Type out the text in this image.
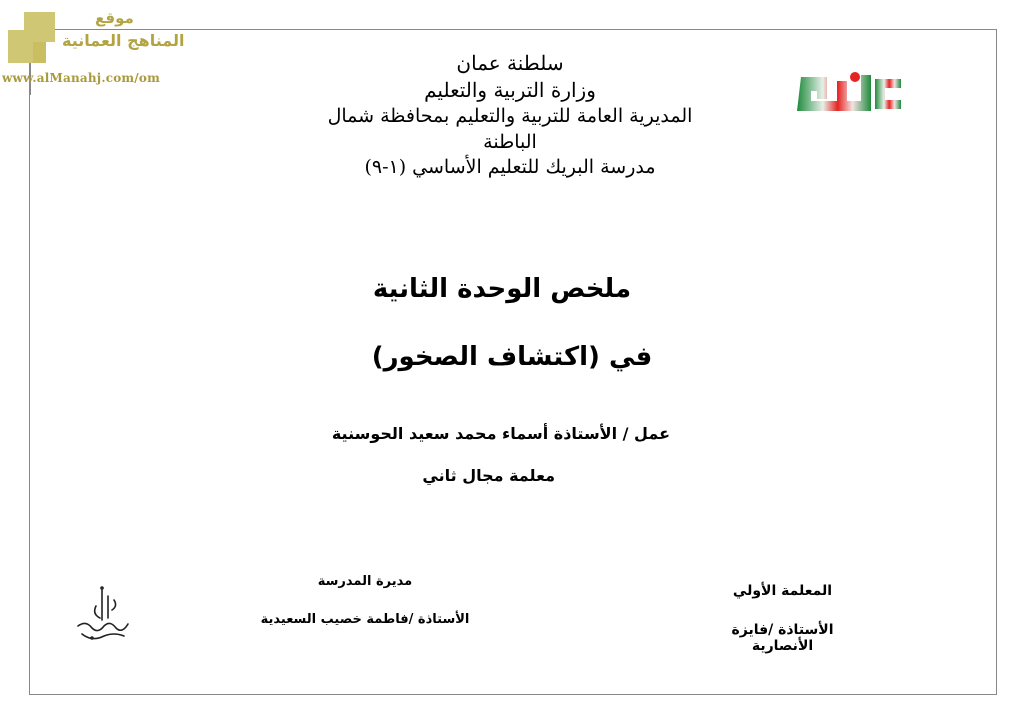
موقع
المناهج العمانية
www.alManahj.com/om
سلطنة عمان
وزارة التربية والتعليم
المديرية العامة للتربية والتعليم بمحافظة شمال الباطنة
مدرسة البريك للتعليم الأساسي (١-٩)
ملخص الوحدة الثانية
في (اكتشاف الصخور)
عمل / الأستاذة أسماء محمد سعيد الحوسنية
معلمة مجال ثاني
مديرة المدرسة
الأستاذة /فاطمة خصيب السعيدية
المعلمة الأولي
الأستاذة /فايزة الأنصارية
